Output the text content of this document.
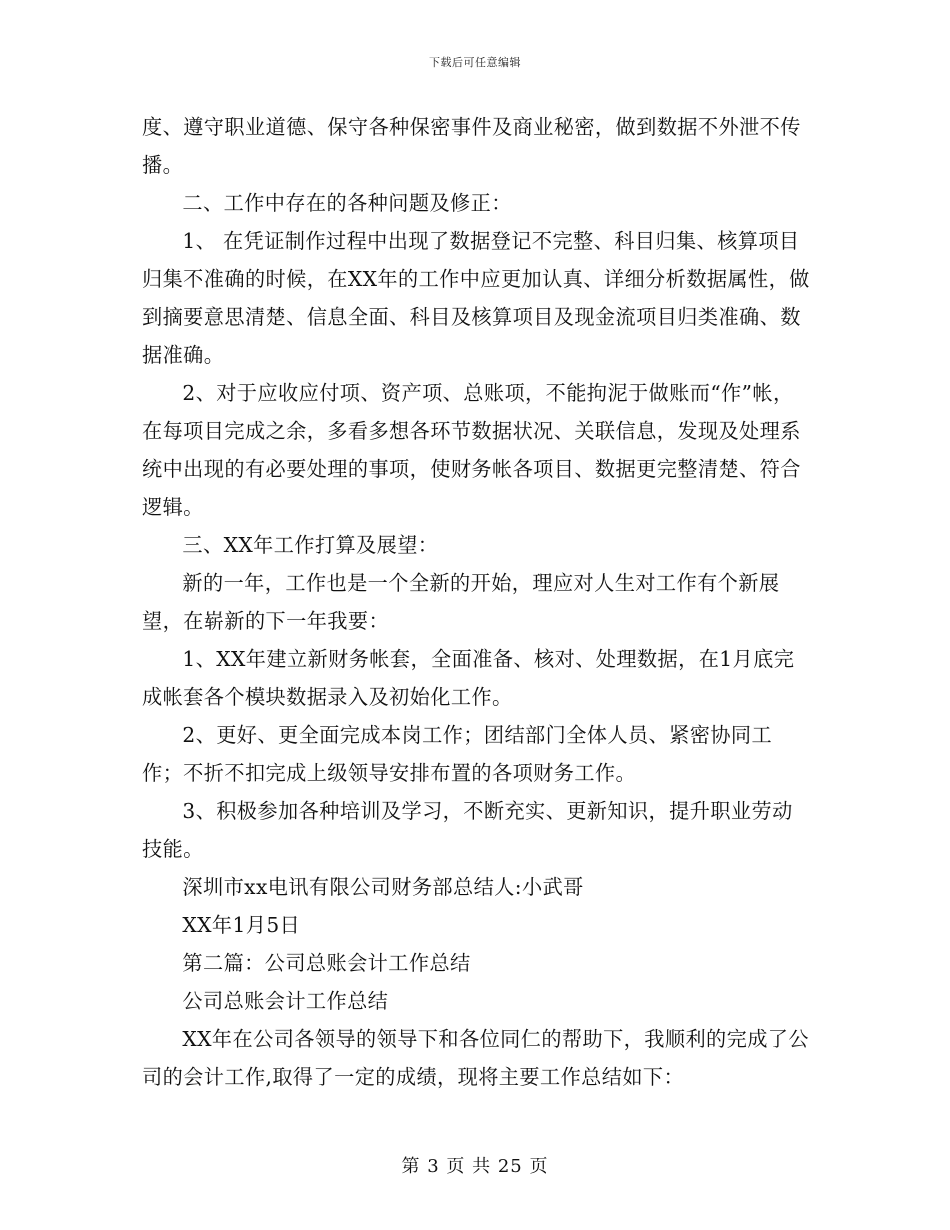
下载后可任意编辑

度、遵守职业道德、保守各种保密事件及商业秘密，做到数据不外泄不传播。

二、工作中存在的各种问题及修正：

1、 在凭证制作过程中出现了数据登记不完整、科目归集、核算项目归集不准确的时候，在XX年的工作中应更加认真、详细分析数据属性，做到摘要意思清楚、信息全面、科目及核算项目及现金流项目归类准确、数据准确。

2、对于应收应付项、资产项、总账项，不能拘泥于做账而“作”帐，在每项目完成之余，多看多想各环节数据状况、关联信息，发现及处理系统中出现的有必要处理的事项，使财务帐各项目、数据更完整清楚、符合逻辑。

三、XX年工作打算及展望：

新的一年，工作也是一个全新的开始，理应对人生对工作有个新展望，在崭新的下一年我要：

1、XX年建立新财务帐套，全面准备、核对、处理数据，在1月底完成帐套各个模块数据录入及初始化工作。

2、更好、更全面完成本岗工作；团结部门全体人员、紧密协同工作；不折不扣完成上级领导安排布置的各项财务工作。

3、积极参加各种培训及学习，不断充实、更新知识，提升职业劳动技能。

深圳市xx电讯有限公司财务部总结人:小武哥

XX年1月5日

第二篇：公司总账会计工作总结

公司总账会计工作总结

XX年在公司各领导的领导下和各位同仁的帮助下，我顺利的完成了公司的会计工作,取得了一定的成绩，现将主要工作总结如下：

第 3 页 共 25 页
